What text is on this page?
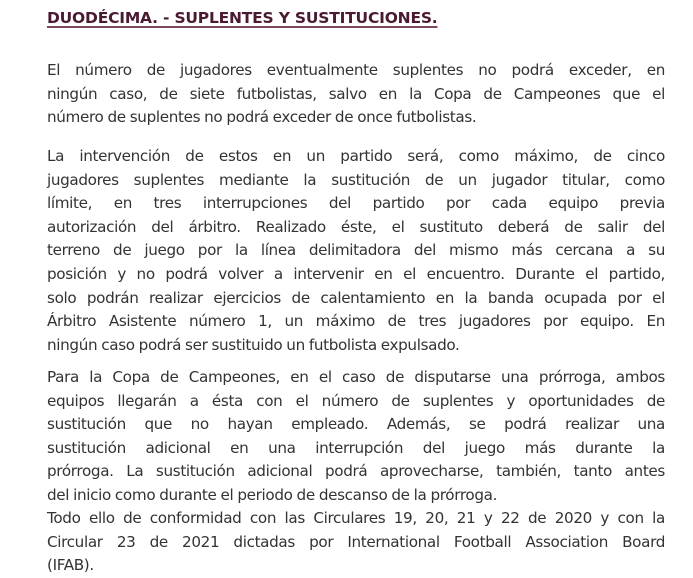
DUODÉCIMA. - SUPLENTES Y SUSTITUCIONES.
El número de jugadores eventualmente suplentes no podrá exceder, en
ningún caso, de siete futbolistas, salvo en la Copa de Campeones que el
número de suplentes no podrá exceder de once futbolistas.
La intervención de estos en un partido será, como máximo, de cinco
jugadores suplentes mediante la sustitución de un jugador titular, como
límite, en tres interrupciones del partido por cada equipo previa
autorización del árbitro. Realizado éste, el sustituto deberá de salir del
terreno de juego por la línea delimitadora del mismo más cercana a su
posición y no podrá volver a intervenir en el encuentro. Durante el partido,
solo podrán realizar ejercicios de calentamiento en la banda ocupada por el
Árbitro Asistente número 1, un máximo de tres jugadores por equipo. En
ningún caso podrá ser sustituido un futbolista expulsado.
Para la Copa de Campeones, en el caso de disputarse una prórroga, ambos
equipos llegarán a ésta con el número de suplentes y oportunidades de
sustitución que no hayan empleado. Además, se podrá realizar una
sustitución adicional en una interrupción del juego más durante la
prórroga. La sustitución adicional podrá aprovecharse, también, tanto antes
del inicio como durante el periodo de descanso de la prórroga.
Todo ello de conformidad con las Circulares 19, 20, 21 y 22 de 2020 y con la
Circular 23 de 2021 dictadas por International Football Association Board
(IFAB).
